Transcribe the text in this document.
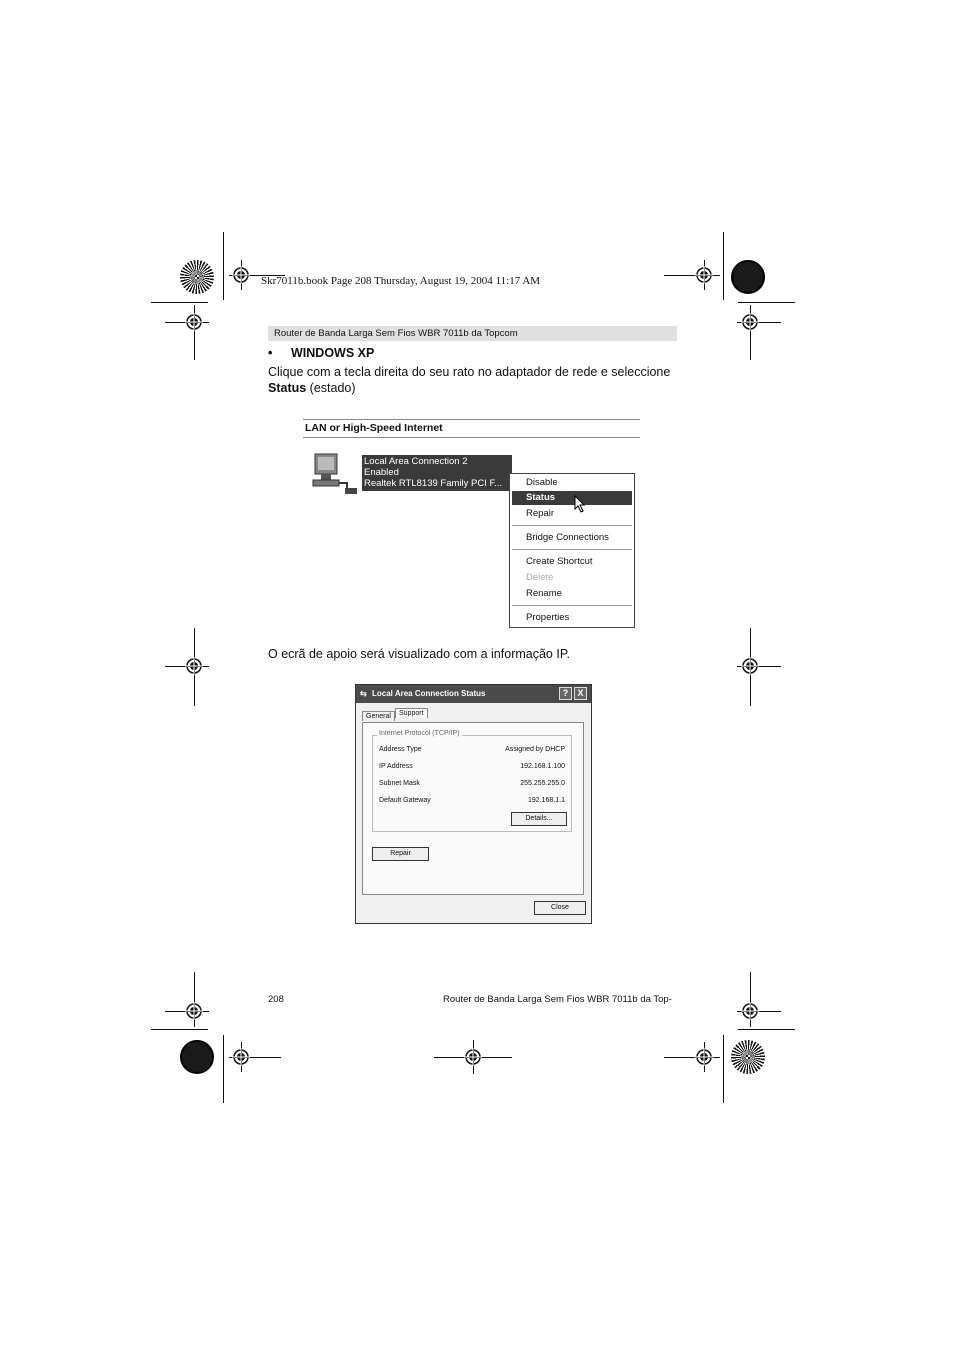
Skr7011b.book Page 208 Thursday, August 19, 2004 11:17 AM
Router de Banda Larga Sem Fios WBR 7011b da Topcom
• WINDOWS XP
Clique com a tecla direita do seu rato no adaptador de rede e seleccione
Status (estado)
LAN or High-Speed Internet
Local Area Connection 2
Enabled
Realtek RTL8139 Family PCI F...	Disable
Status
Repair
Bridge Connections
Create Shortcut
Delete
Rename
Properties
O ecrã de apoio será visualizado com a informação IP.
⇆ Local Area Connection Status	?	X
General	Support
Internet Protocol (TCP/IP)
Address Type	Assigned by DHCP
IP Address	192.168.1.100
Subnet Mask	255.255.255.0
Default Gateway	192.168.1.1
Details...
Repair
Close
208	Router de Banda Larga Sem Fios WBR 7011b da Top-
